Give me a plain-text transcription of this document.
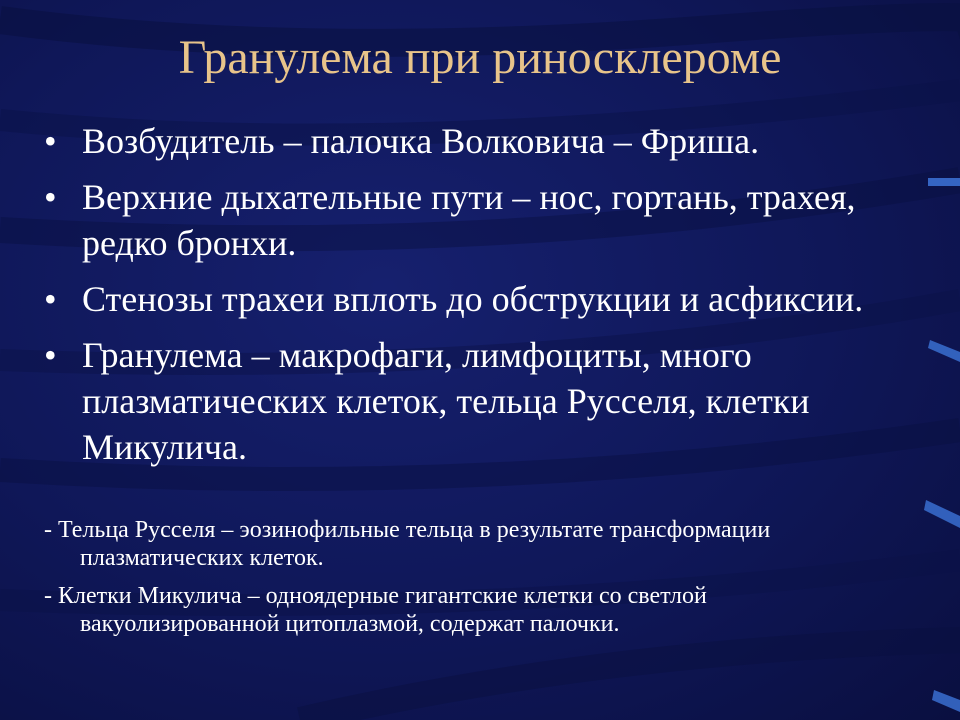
Гранулема при риносклероме
• Возбудитель – палочка Волковича – Фриша.
• Верхние дыхательные пути – нос, гортань, трахея, редко бронхи.
• Стенозы трахеи вплоть до обструкции и асфиксии.
• Гранулема – макрофаги, лимфоциты, много плазматических клеток, тельца Русселя, клетки Микулича.
- Тельца Русселя – эозинофильные тельца в результате трансформации плазматических клеток.
- Клетки Микулича – одноядерные гигантские клетки со светлой вакуолизированной цитоплазмой, содержат палочки.
